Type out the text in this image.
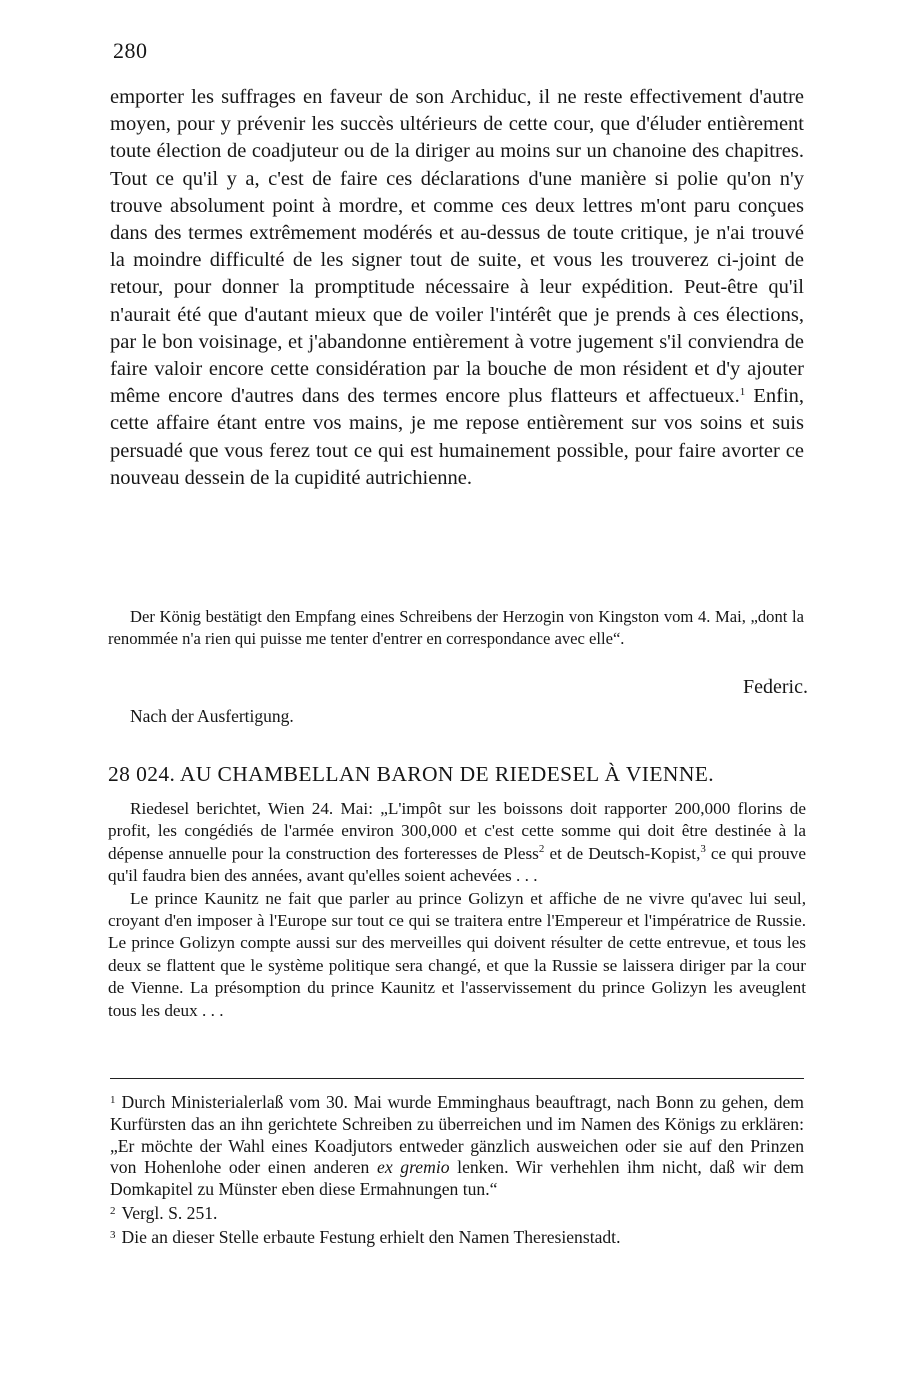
280

emporter les suffrages en faveur de son Archiduc, il ne reste effectivement d'autre moyen, pour y prévenir les succès ultérieurs de cette cour, que d'éluder entièrement toute élection de coadjuteur ou de la diriger au moins sur un chanoine des chapitres. Tout ce qu'il y a, c'est de faire ces déclarations d'une manière si polie qu'on n'y trouve absolument point à mordre, et comme ces deux lettres m'ont paru conçues dans des termes extrêmement modérés et au-dessus de toute critique, je n'ai trouvé la moindre difficulté de les signer tout de suite, et vous les trouverez ci-joint de retour, pour donner la promptitude nécessaire à leur expédition. Peut-être qu'il n'aurait été que d'autant mieux que de voiler l'intérêt que je prends à ces élections, par le bon voisinage, et j'abandonne entièrement à votre jugement s'il conviendra de faire valoir encore cette considération par la bouche de mon résident et d'y ajouter même encore d'autres dans des termes encore plus flatteurs et affectueux.$^1$ Enfin, cette affaire étant entre vos mains, je me repose entièrement sur vos soins et suis persuadé que vous ferez tout ce qui est humainement possible, pour faire avorter ce nouveau dessein de la cupidité autrichienne.

Der König bestätigt den Empfang eines Schreibens der Herzogin von Kingston vom 4. Mai, „dont la renommée n'a rien qui puisse me tenter d'entrer en correspondance avec elle“.

Federic.
Nach der Ausfertigung.
28 024. AU CHAMBELLAN BARON DE RIEDESEL À VIENNE.

Riedesel berichtet, Wien 24. Mai: „L'impôt sur les boissons doit rapporter 200,000 florins de profit, les congédiés de l'armée environ 300,000 et c'est cette somme qui doit être destinée à la dépense annuelle pour la construction des forteresses de Pless$^2$ et de Deutsch-Kopist,$^3$ ce qui prouve qu'il faudra bien des années, avant qu'elles soient achevées . . .

Le prince Kaunitz ne fait que parler au prince Golizyn et affiche de ne vivre qu'avec lui seul, croyant d'en imposer à l'Europe sur tout ce qui se traitera entre l'Empereur et l'impératrice de Russie. Le prince Golizyn compte aussi sur des merveilles qui doivent résulter de cette entrevue, et tous les deux se flattent que le système politique sera changé, et que la Russie se laissera diriger par la cour de Vienne. La présomption du prince Kaunitz et l'asservissement du prince Golizyn les aveuglent tous les deux . . .

$^1$ Durch Ministerialerlaß vom 30. Mai wurde Emminghaus beauftragt, nach Bonn zu gehen, dem Kurfürsten das an ihn gerichtete Schreiben zu überreichen und im Namen des Königs zu erklären: „Er möchte der Wahl eines Koadjutors entweder gänzlich ausweichen oder sie auf den Prinzen von Hohenlohe oder einen anderen ex gremio lenken. Wir verhehlen ihm nicht, daß wir dem Domkapitel zu Münster eben diese Ermahnungen tun.“

$^2$ Vergl. S. 251.

$^3$ Die an dieser Stelle erbaute Festung erhielt den Namen Theresienstadt.
